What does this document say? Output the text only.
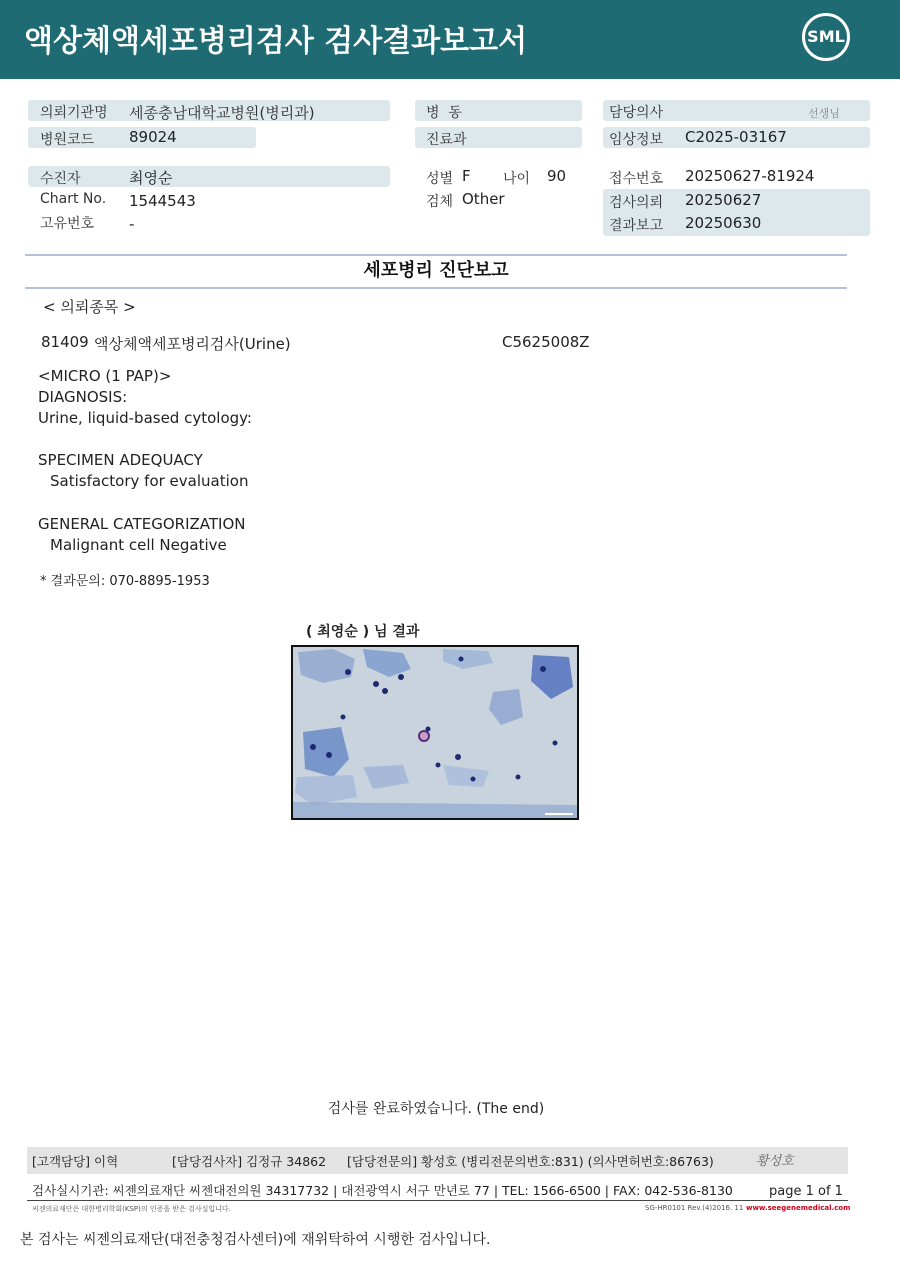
액상체액세포병리검사 검사결과보고서	SML
의뢰기관명 세종충남대학교병원(병리과)
병원코드 89024
수진자	최영순
Chart No. 1544543
고유번호 -
병  동
진료과
성별 F 나이 90
검체 Other
담당의사	선생님
임상정보 C2025-03167
접수번호 20250627-81924
검사의뢰 20250627
결과보고 20250630
세포병리 진단보고
< 의뢰종목 >
81409 액상체액세포병리검사(Urine)	C5625008Z
<MICRO (1 PAP)>
DIAGNOSIS:
Urine, liquid-based cytology:
SPECIMEN ADEQUACY
Satisfactory for evaluation
GENERAL CATEGORIZATION
Malignant cell Negative
* 결과문의: 070-8895-1953
( 최영순 ) 님 결과
검사를 완료하였습니다. (The end)
[고객담당] 이혁	[담당검사자] 김정규 34862 [담당전문의] 황성호 (병리전문의번호:831) (의사면허번호:86763)	황성호
검사실시기관: 씨젠의료재단 씨젠대전의원 34317732 | 대전광역시 서구 만년로 77 | TEL: 1566-6500 | FAX: 042-536-8130	page 1 of 1
씨젠의료재단은 대한병리학회(KSP)의 인증을 받은 검사실입니다.	SG-HR0101 Rev.(4)2016. 11 www.seegenemedical.com
본 검사는 씨젠의료재단(대전충청검사센터)에 재위탁하여 시행한 검사입니다.
